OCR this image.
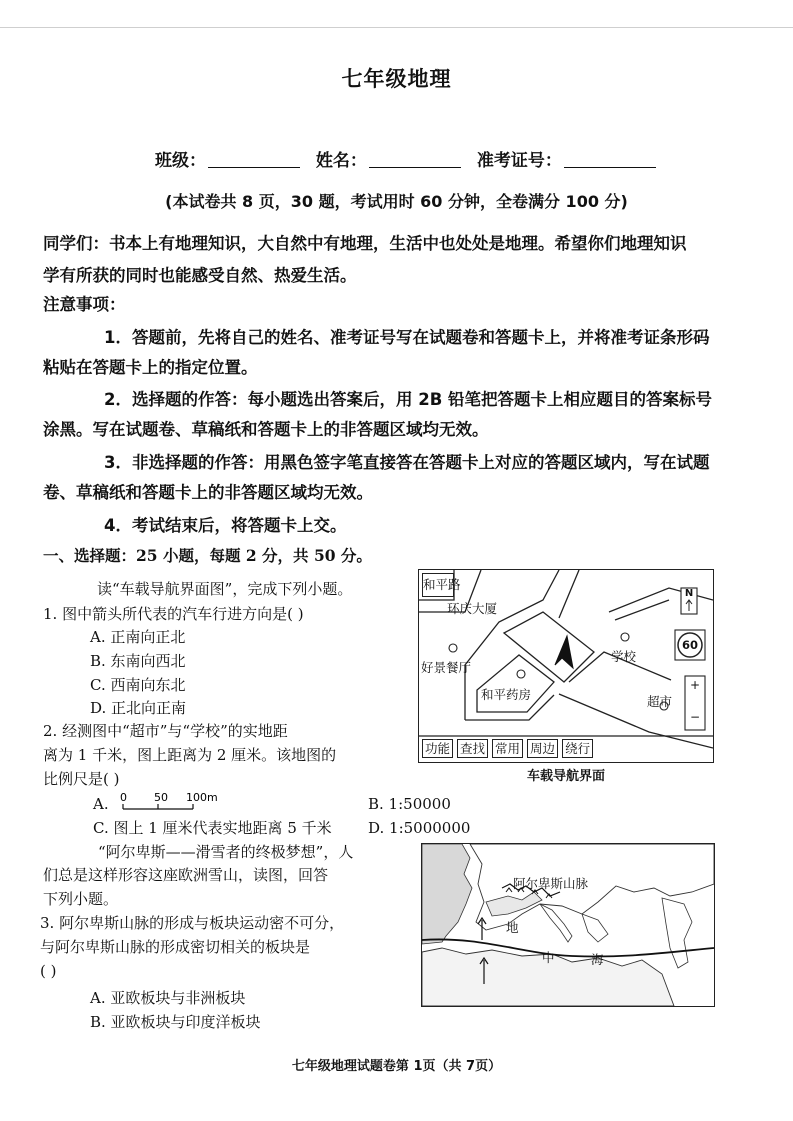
七年级地理
班级：	姓名：	准考证号：
(本试卷共 8 页，30 题，考试用时 60 分钟，全卷满分 100 分)
同学们：书本上有地理知识，大自然中有地理，生活中也处处是地理。希望你们地理知识
学有所获的同时也能感受自然、热爱生活。
注意事项：
1．答题前，先将自己的姓名、准考证号写在试题卷和答题卡上，并将准考证条形码
粘贴在答题卡上的指定位置。
2．选择题的作答：每小题选出答案后，用 2B 铅笔把答题卡上相应题目的答案标号
涂黑。写在试题卷、草稿纸和答题卡上的非答题区域均无效。
3．非选择题的作答：用黑色签字笔直接答在答题卡上对应的答题区域内，写在试题
卷、草稿纸和答题卡上的非答题区域均无效。
4．考试结束后，将答题卡上交。
一、选择题：25 小题，每题 2 分，共 50 分。
读“车载导航界面图”，完成下列小题。
1. 图中箭头所代表的汽车行进方向是( )
A. 正南向正北
B. 东南向西北
C. 西南向东北
D. 正北向正南
2. 经测图中“超市”与“学校”的实地距
离为 1 千米，图上距离为 2 厘米。该地图的
比例尺是( )
A. 0 50 100m	B. 1:50000
C. 图上 1 厘米代表实地距离 5 千米 D. 1:5000000
“阿尔卑斯——滑雪者的终极梦想”，人
们总是这样形容这座欧洲雪山，读图，回答
下列小题。
3. 阿尔卑斯山脉的形成与板块运动密不可分，
与阿尔卑斯山脉的形成密切相关的板块是
( )
A. 亚欧板块与非洲板块
B. 亚欧板块与印度洋板块
和平路
环庆大厦
好景餐厅
和平药房
学校
超市
N
60
+
−
功能 查找 常用 周边 绕行
车载导航界面
阿尔卑斯山脉
地
中	海
七年级地理试题卷第 1页（共 7页）
